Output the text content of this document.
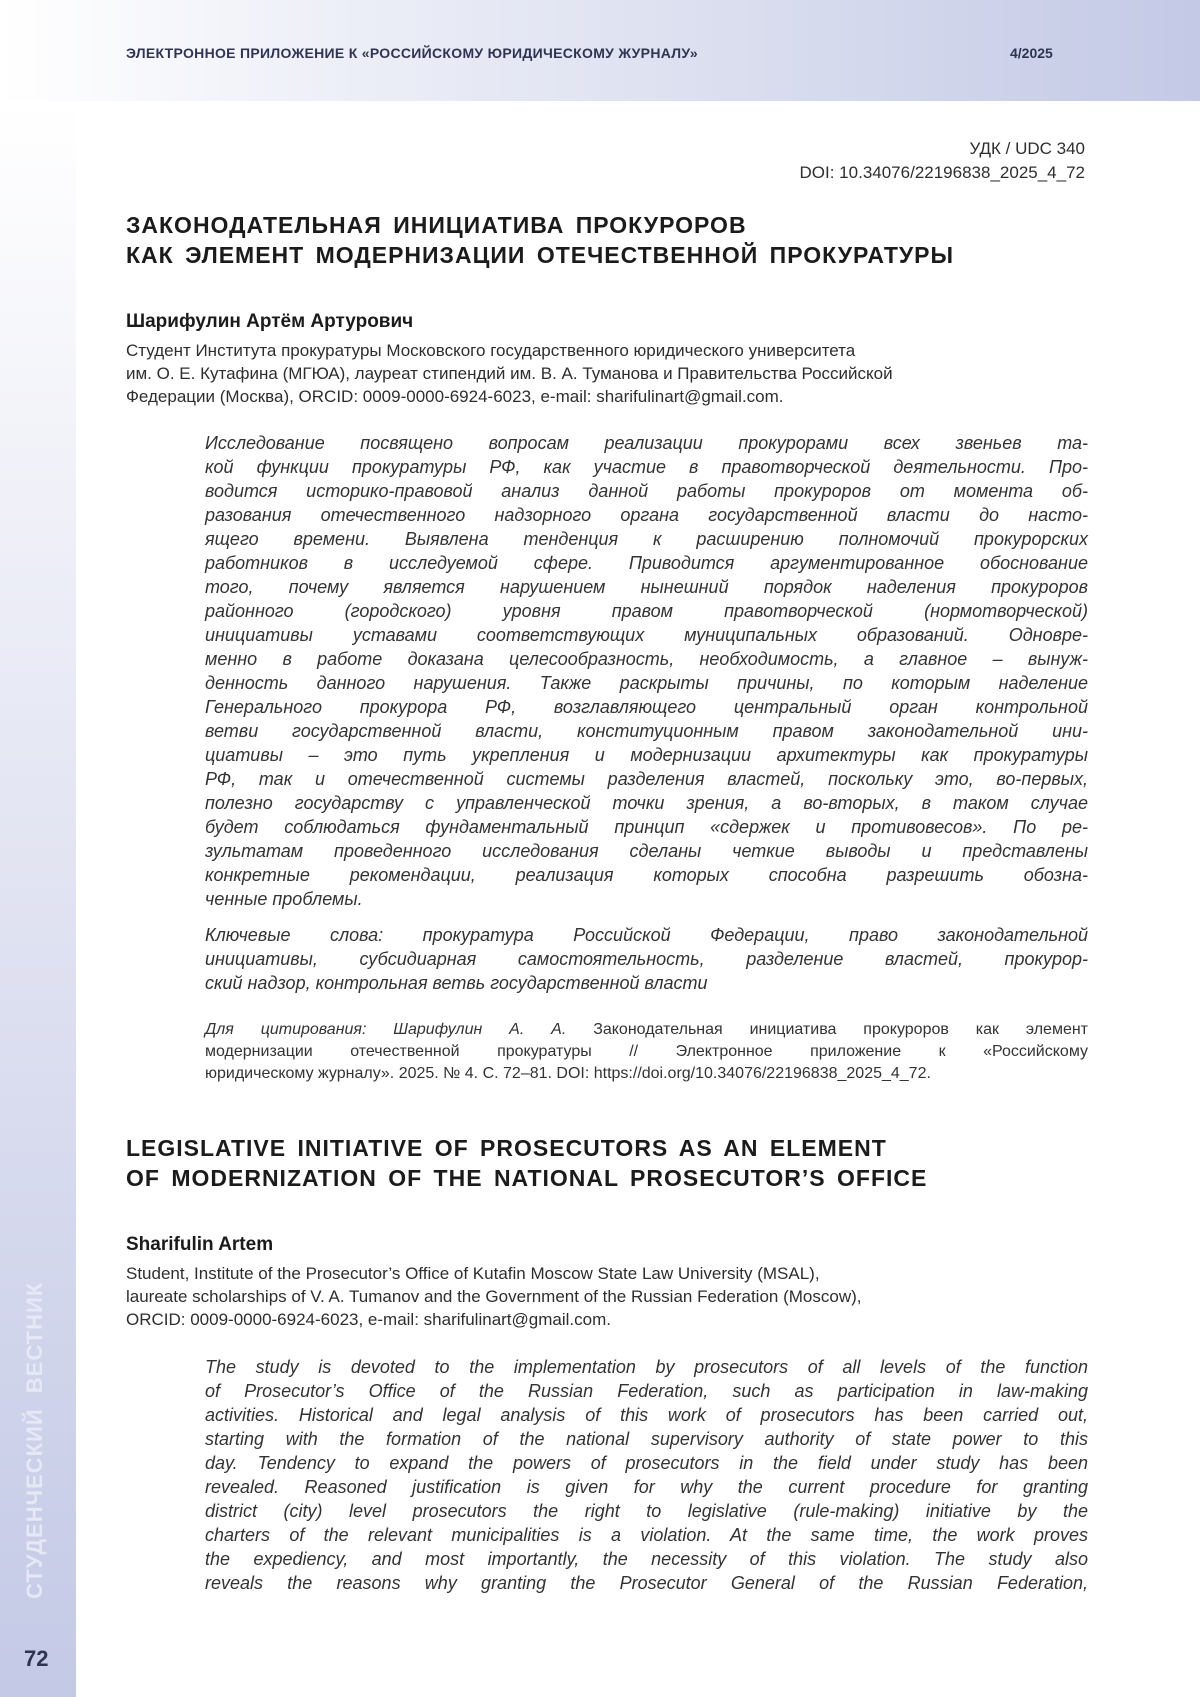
ЭЛЕКТРОННОЕ ПРИЛОЖЕНИЕ К «РОССИЙСКОМУ ЮРИДИЧЕСКОМУ ЖУРНАЛУ»	4/2025
СТУДЕНЧЕСКИЙ ВЕСТНИК
72
УДК / UDC 340
DOI: 10.34076/22196838_2025_4_72
ЗАКОНОДАТЕЛЬНАЯ ИНИЦИАТИВА ПРОКУРОРОВ
КАК ЭЛЕМЕНТ МОДЕРНИЗАЦИИ ОТЕЧЕСТВЕННОЙ ПРОКУРАТУРЫ
Шарифулин Артём Артурович
Студент Института прокуратуры Московского государственного юридического университета
им. О. Е. Кутафина (МГЮА), лауреат стипендий им. В. А. Туманова и Правительства Российской
Федерации (Москва), ORCID: 0009-0000-6924-6023, e-mail: sharifulinart@gmail.com.
Исследование посвящено вопросам реализации прокурорами всех звеньев та-
кой функции прокуратуры РФ, как участие в правотворческой деятельности. Про-
водится историко-правовой анализ данной работы прокуроров от момента об-
разования отечественного надзорного органа государственной власти до насто-
ящего времени. Выявлена тенденция к расширению полномочий прокурорских
работников в исследуемой сфере. Приводится аргументированное обоснование
того, почему является нарушением нынешний порядок наделения прокуроров
районного (городского) уровня правом правотворческой (нормотворческой)
инициативы уставами соответствующих муниципальных образований. Одновре-
менно в работе доказана целесообразность, необходимость, а главное – вынуж-
денность данного нарушения. Также раскрыты причины, по которым наделение
Генерального прокурора РФ, возглавляющего центральный орган контрольной
ветви государственной власти, конституционным правом законодательной ини-
циативы – это путь укрепления и модернизации архитектуры как прокуратуры
РФ, так и отечественной системы разделения властей, поскольку это, во-первых,
полезно государству с управленческой точки зрения, а во-вторых, в таком случае
будет соблюдаться фундаментальный принцип «сдержек и противовесов». По ре-
зультатам проведенного исследования сделаны четкие выводы и представлены
конкретные рекомендации, реализация которых способна разрешить обозна-
ченные проблемы.
Ключевые слова: прокуратура Российской Федерации, право законодательной
инициативы, субсидиарная самостоятельность, разделение властей, прокурор-
ский надзор, контрольная ветвь государственной власти
Для цитирования: Шарифулин А. А. Законодательная инициатива прокуроров как элемент
модернизации отечественной прокуратуры // Электронное приложение к «Российскому
юридическому журналу». 2025. № 4. С. 72–81. DOI: https://doi.org/10.34076/22196838_2025_4_72.
LEGISLATIVE INITIATIVE OF PROSECUTORS AS AN ELEMENT
OF MODERNIZATION OF THE NATIONAL PROSECUTOR’S OFFICE
Sharifulin Artem
Student, Institute of the Prosecutor’s Office of Kutafin Moscow State Law University (MSAL),
laureate scholarships of V. A. Tumanov and the Government of the Russian Federation (Moscow),
ORCID: 0009-0000-6924-6023, e-mail: sharifulinart@gmail.com.
The study is devoted to the implementation by prosecutors of all levels of the function
of Prosecutor’s Office of the Russian Federation, such as participation in law-making
activities. Historical and legal analysis of this work of prosecutors has been carried out,
starting with the formation of the national supervisory authority of state power to this
day. Tendency to expand the powers of prosecutors in the field under study has been
revealed. Reasoned justification is given for why the current procedure for granting
district (city) level prosecutors the right to legislative (rule-making) initiative by the
charters of the relevant municipalities is a violation. At the same time, the work proves
the expediency, and most importantly, the necessity of this violation. The study also
reveals the reasons why granting the Prosecutor General of the Russian Federation,
